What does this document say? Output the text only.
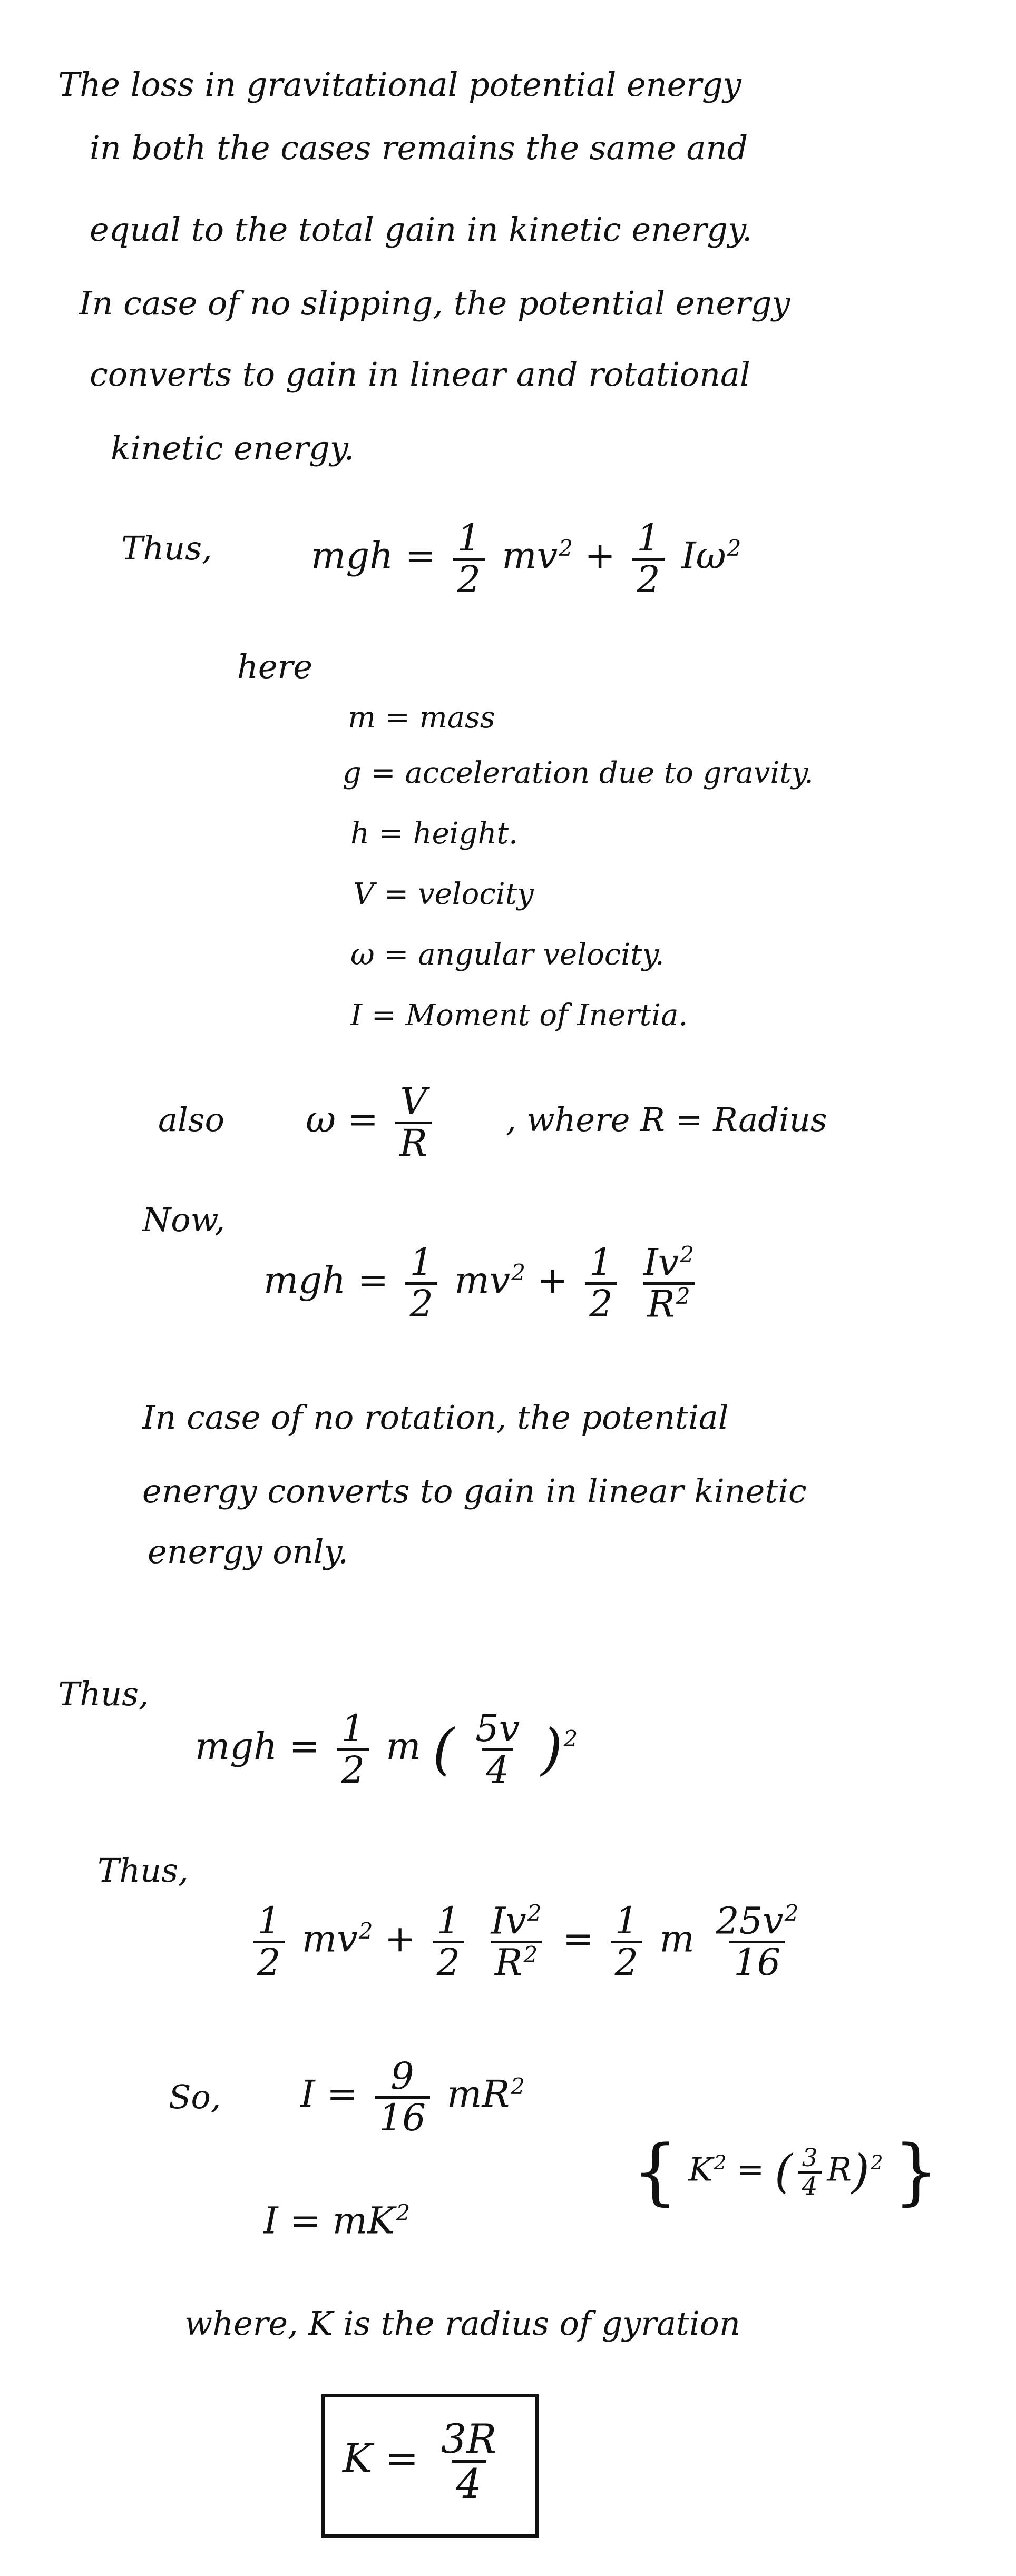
The loss in gravitational potential energy
in both the cases remains the same and
equal to the total gain in kinetic energy.
In case of no slipping, the potential energy
converts to gain in linear and rotational
kinetic energy.
Thus,	mgh = $\frac{1}{2} mv^2 + \frac{1}{2} I\omega^2$
here
m = mass
g = acceleration due to gravity.
h = height.
V = velocity
ω = angular velocity.
I = Moment of Inertia.
also $\omega = \frac{V}{R}$ , where R = Radius
Now,
mgh = $\frac{1}{2} mv^2 + \frac{1}{2}$
$\frac{Iv^2}{R^2}$
In case of no rotation, the potential
energy converts to gain in linear kinetic
energy only.
Thus,
mgh = $\frac{1}{2}$ m ( $\frac{5v}{4} )^2$
Thus,
$\frac{1}{2} mv^2 + \frac{1}{2}$
$\frac{Iv^2}{R^2} = \frac{1}{2}$ m $\frac{25v^2}{16}$
So, $I = \frac{9}{16} mR^2$
{ $K^2$ = ( $\frac{3}{4} R)^2$ }
$I = mK^2$
where, K is the radius of gyration
$K = \frac{3R}{4}$
